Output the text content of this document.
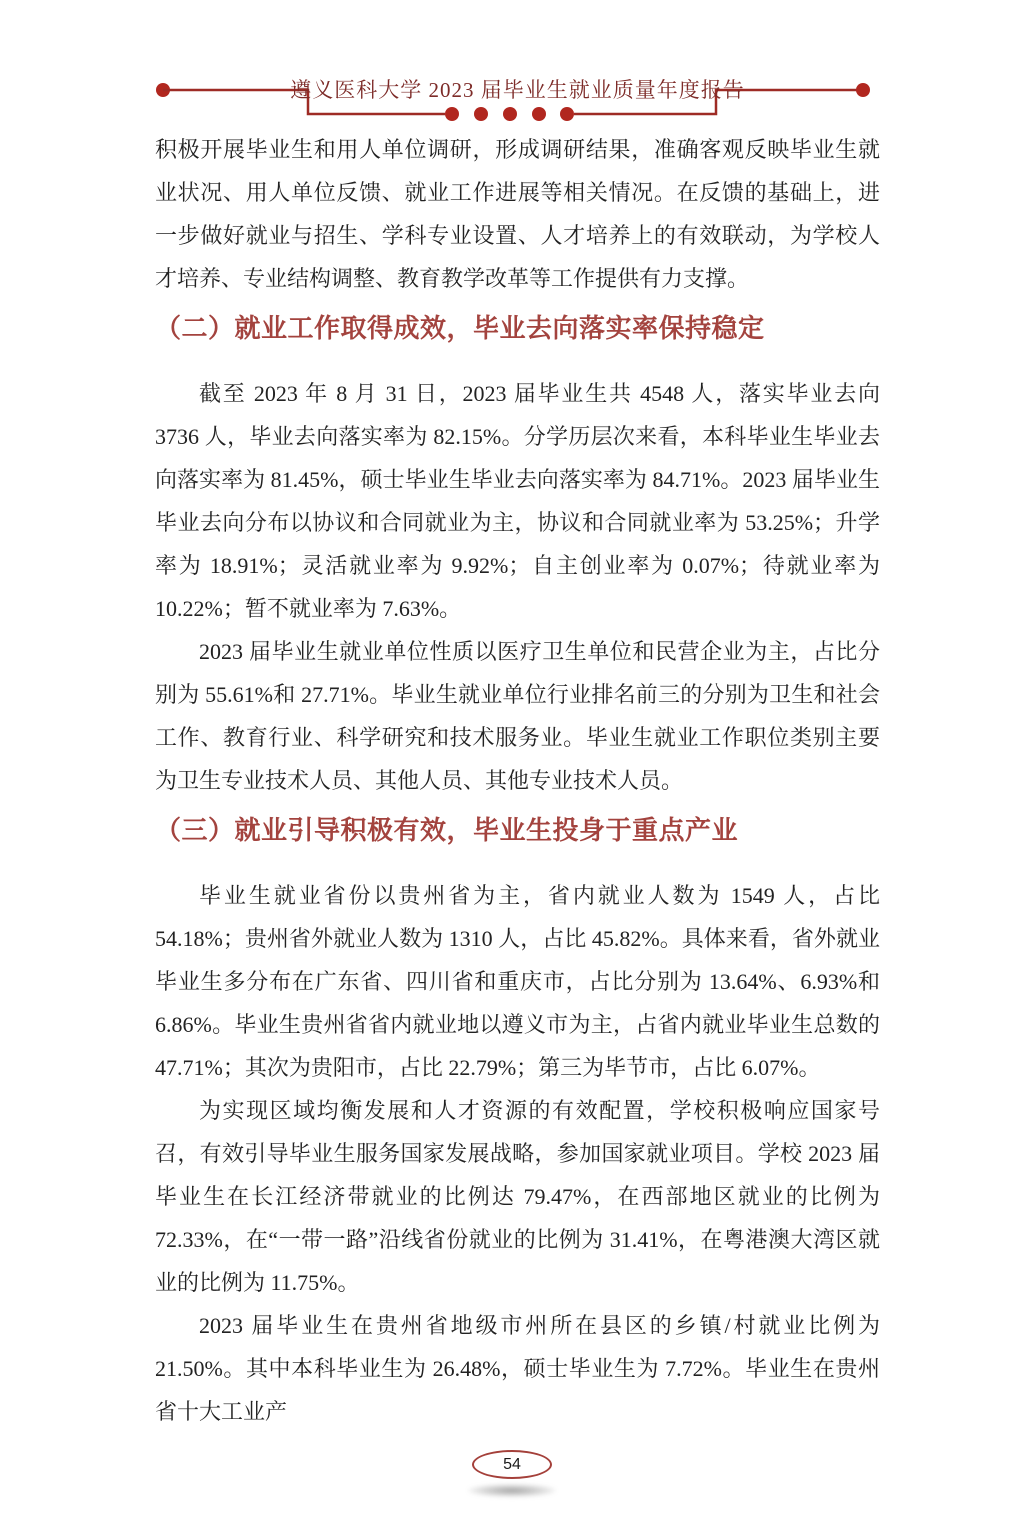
遵义医科大学 2023 届毕业生就业质量年度报告

积极开展毕业生和用人单位调研，形成调研结果，准确客观反映毕业生就业状况、用人单位反馈、就业工作进展等相关情况。在反馈的基础上，进一步做好就业与招生、学科专业设置、人才培养上的有效联动，为学校人才培养、专业结构调整、教育教学改革等工作提供有力支撑。

（二）就业工作取得成效，毕业去向落实率保持稳定

截至 2023 年 8 月 31 日，2023 届毕业生共 4548 人，落实毕业去向 3736 人，毕业去向落实率为 82.15%。分学历层次来看，本科毕业生毕业去向落实率为 81.45%，硕士毕业生毕业去向落实率为 84.71%。2023 届毕业生毕业去向分布以协议和合同就业为主，协议和合同就业率为 53.25%；升学率为 18.91%；灵活就业率为 9.92%；自主创业率为 0.07%；待就业率为 10.22%；暂不就业率为 7.63%。

2023 届毕业生就业单位性质以医疗卫生单位和民营企业为主，占比分别为 55.61%和 27.71%。毕业生就业单位行业排名前三的分别为卫生和社会工作、教育行业、科学研究和技术服务业。毕业生就业工作职位类别主要为卫生专业技术人员、其他人员、其他专业技术人员。

（三）就业引导积极有效，毕业生投身于重点产业

毕业生就业省份以贵州省为主，省内就业人数为 1549 人，占比 54.18%；贵州省外就业人数为 1310 人，占比 45.82%。具体来看，省外就业毕业生多分布在广东省、四川省和重庆市，占比分别为 13.64%、6.93%和 6.86%。毕业生贵州省省内就业地以遵义市为主，占省内就业毕业生总数的 47.71%；其次为贵阳市，占比 22.79%；第三为毕节市，占比 6.07%。

为实现区域均衡发展和人才资源的有效配置，学校积极响应国家号召，有效引导毕业生服务国家发展战略，参加国家就业项目。学校 2023 届毕业生在长江经济带就业的比例达 79.47%，在西部地区就业的比例为 72.33%，在“一带一路”沿线省份就业的比例为 31.41%，在粤港澳大湾区就业的比例为 11.75%。

2023 届毕业生在贵州省地级市州所在县区的乡镇/村就业比例为 21.50%。其中本科毕业生为 26.48%，硕士毕业生为 7.72%。毕业生在贵州省十大工业产

54
